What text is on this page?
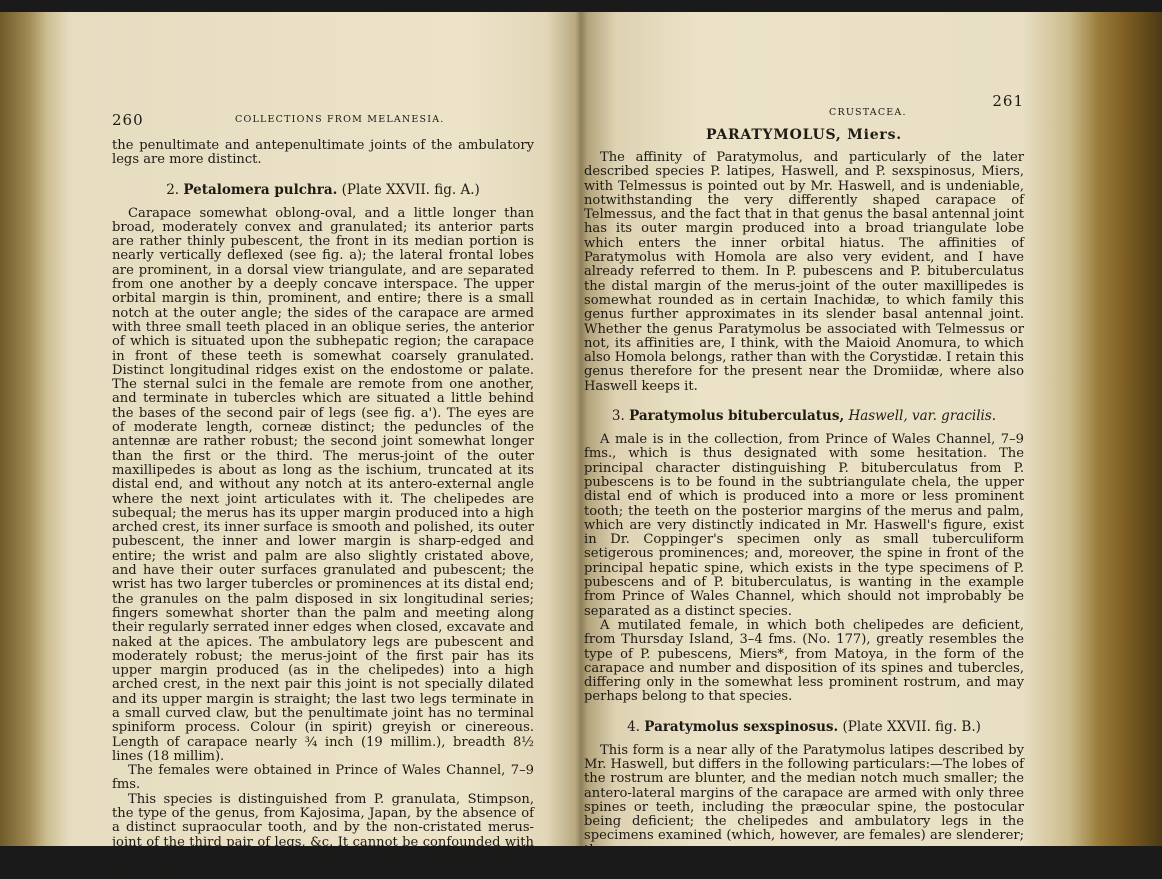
260	COLLECTIONS FROM MELANESIA.

the penultimate and antepenultimate joints of the ambulatory legs are more distinct.

2. Petalomera pulchra. (Plate XXVII. fig. A.)

Carapace somewhat oblong-oval, and a little longer than broad, moderately convex and granulated; its anterior parts are rather thinly pubescent, the front in its median portion is nearly vertically deflexed (see fig. a); the lateral frontal lobes are prominent, in a dorsal view triangulate, and are separated from one another by a deeply concave interspace. The upper orbital margin is thin, prominent, and entire; there is a small notch at the outer angle; the sides of the carapace are armed with three small teeth placed in an oblique series, the anterior of which is situated upon the subhepatic region; the carapace in front of these teeth is somewhat coarsely granulated. Distinct longitudinal ridges exist on the endostome or palate. The sternal sulci in the female are remote from one another, and terminate in tubercles which are situated a little behind the bases of the second pair of legs (see fig. a'). The eyes are of moderate length, corneæ distinct; the peduncles of the antennæ are rather robust; the second joint somewhat longer than the first or the third. The merus-joint of the outer maxillipedes is about as long as the ischium, truncated at its distal end, and without any notch at its antero-external angle where the next joint articulates with it. The chelipedes are subequal; the merus has its upper margin produced into a high arched crest, its inner surface is smooth and polished, its outer pubescent, the inner and lower margin is sharp-edged and entire; the wrist and palm are also slightly cristated above, and have their outer surfaces granulated and pubescent; the wrist has two larger tubercles or prominences at its distal end; the granules on the palm disposed in six longitudinal series; fingers somewhat shorter than the palm and meeting along their regularly serrated inner edges when closed, excavate and naked at the apices. The ambulatory legs are pubescent and moderately robust; the merus-joint of the first pair has its upper margin produced (as in the chelipedes) into a high arched crest, in the next pair this joint is not specially dilated and its upper margin is straight; the last two legs terminate in a small curved claw, but the penultimate joint has no terminal spiniform process. Colour (in spirit) greyish or cinereous. Length of carapace nearly ¾ inch (19 millim.), breadth 8½ lines (18 millim).

The females were obtained in Prince of Wales Channel, 7–9 fms.

This species is distinguished from P. granulata, Stimpson, the type of the genus, from Kajosima, Japan, by the absence of a distinct supraocular tooth, and by the non-cristated merus-joint of the third pair of legs, &c. It cannot be confounded with any of the Australian Dromiæ described by Mr. Haswell (Catal. pp. 139–141).

CRUSTACEA.
261
PARATYMOLUS, Miers.

The affinity of Paratymolus, and particularly of the later described species P. latipes, Haswell, and P. sexspinosus, Miers, with Telmessus is pointed out by Mr. Haswell, and is undeniable, notwithstanding the very differently shaped carapace of Telmessus, and the fact that in that genus the basal antennal joint has its outer margin produced into a broad triangulate lobe which enters the inner orbital hiatus. The affinities of Paratymolus with Homola are also very evident, and I have already referred to them. In P. pubescens and P. bituberculatus the distal margin of the merus-joint of the outer maxillipedes is somewhat rounded as in certain Inachidæ, to which family this genus further approximates in its slender basal antennal joint. Whether the genus Paratymolus be associated with Telmessus or not, its affinities are, I think, with the Maioid Anomura, to which also Homola belongs, rather than with the Corystidæ. I retain this genus therefore for the present near the Dromiidæ, where also Haswell keeps it.

3. Paratymolus bituberculatus, Haswell, var. gracilis.

A male is in the collection, from Prince of Wales Channel, 7–9 fms., which is thus designated with some hesitation. The principal character distinguishing P. bituberculatus from P. pubescens is to be found in the subtriangulate chela, the upper distal end of which is produced into a more or less prominent tooth; the teeth on the posterior margins of the merus and palm, which are very distinctly indicated in Mr. Haswell's figure, exist in Dr. Coppinger's specimen only as small tuberculiform setigerous prominences; and, moreover, the spine in front of the principal hepatic spine, which exists in the type specimens of P. pubescens and of P. bituberculatus, is wanting in the example from Prince of Wales Channel, which should not improbably be separated as a distinct species.

A mutilated female, in which both chelipedes are deficient, from Thursday Island, 3–4 fms. (No. 177), greatly resembles the type of P. pubescens, Miers*, from Matoya, in the form of the carapace and number and disposition of its spines and tubercles, differing only in the somewhat less prominent rostrum, and may perhaps belong to that species.

4. Paratymolus sexspinosus. (Plate XXVII. fig. B.)

This form is a near ally of the Paratymolus latipes described by Mr. Haswell, but differs in the following particulars:—The lobes of the rostrum are blunter, and the median notch much smaller; the antero-lateral margins of the carapace are armed with only three spines or teeth, including the præocular spine, the postocular being deficient; the chelipedes and ambulatory legs in the specimens examined (which, however, are females) are slenderer; the merus-

* Proc. Zool. Soc. p. 45, pl. ii. fig. 6 (1879).
